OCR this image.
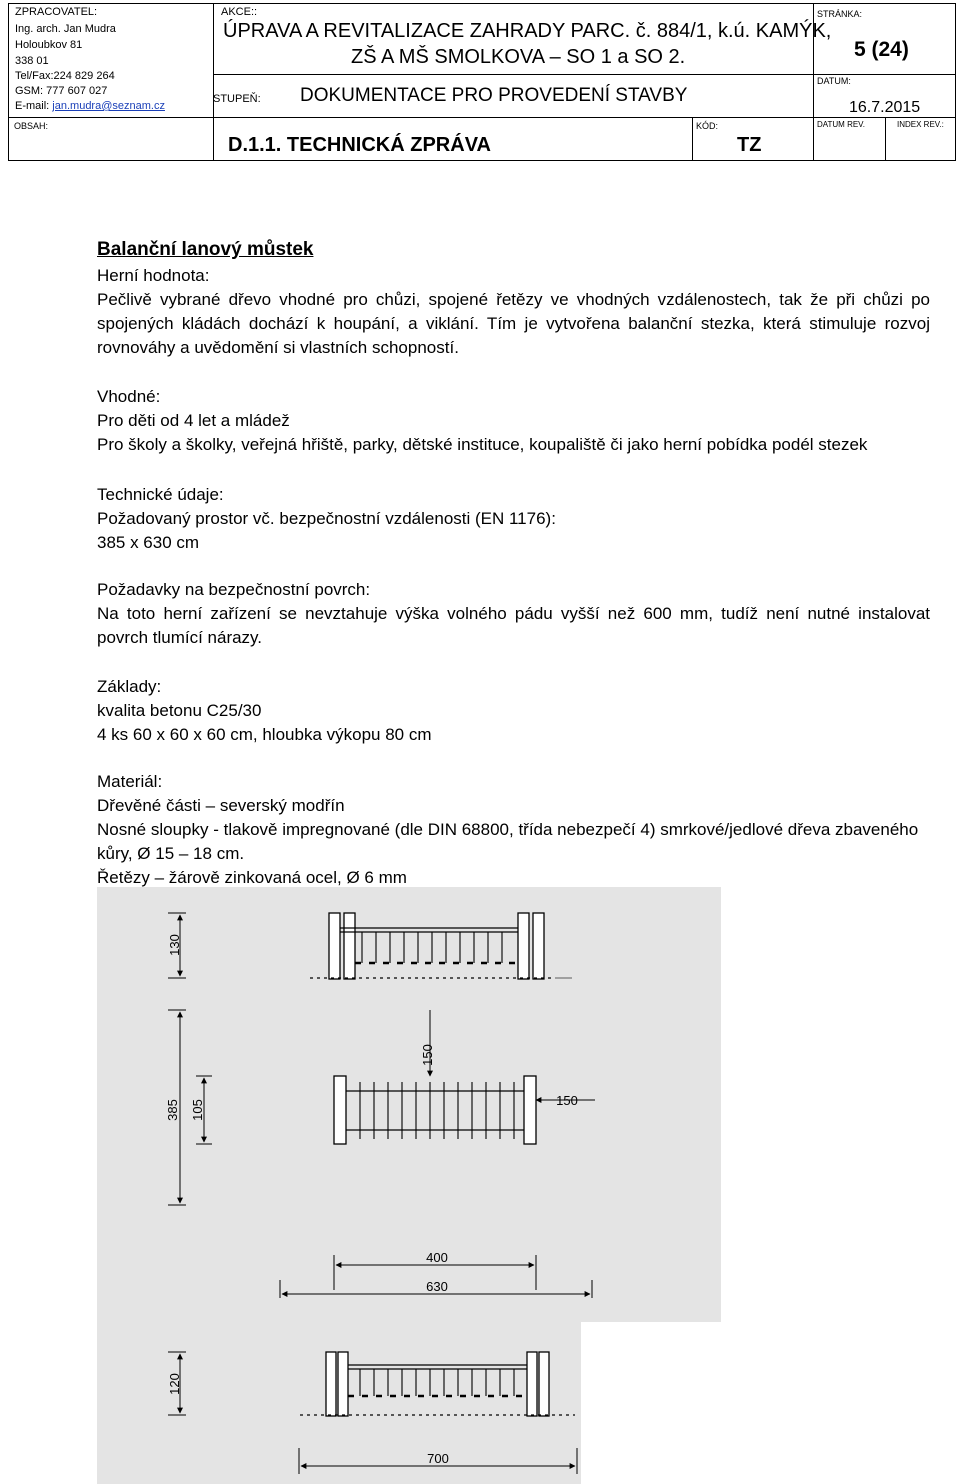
ZPRACOVATEL:
Ing. arch. Jan Mudra
Holoubkov 81
338 01
Tel/Fax:224 829 264
GSM: 777 607 027
E-mail: jan.mudra@seznam.cz
OBSAH:
AKCE::
ÚPRAVA A REVITALIZACE ZAHRADY PARC. č. 884/1, k.ú. KAMÝK,
ZŠ A MŠ SMOLKOVA – SO 1 a SO 2.
STUPEŇ: DOKUMENTACE PRO PROVEDENÍ STAVBY
D.1.1. TECHNICKÁ ZPRÁVA
KÓD:
TZ
STRÁNKA:
5 (24)
DATUM:
16.7.2015
DATUM REV.	INDEX REV.:

Balanční lanový můstek

Herní hodnota:

Pečlivě vybrané dřevo vhodné pro chůzi, spojené řetězy ve vhodných vzdálenostech, tak že při chůzi po

spojených kládách dochází k houpání, a viklání. Tím je vytvořena balanční stezka, která stimuluje rozvoj

rovnováhy a uvědomění si vlastních schopností.

Vhodné:

Pro děti od 4 let a mládež

Pro školy a školky, veřejná hřiště, parky, dětské instituce, koupaliště či jako herní pobídka podél stezek

Technické údaje:

Požadovaný prostor vč. bezpečnostní vzdálenosti (EN 1176):

385 x 630 cm

Požadavky na bezpečnostní povrch:

Na toto herní zařízení se nevztahuje výška volného pádu vyšší než 600 mm, tudíž není nutné instalovat

povrch tlumící nárazy.

Základy:

kvalita betonu C25/30

4 ks 60 x 60 x 60 cm, hloubka výkopu 80 cm

Materiál:

Dřevěné části – severský modřín

Nosné sloupky - tlakově impregnované (dle DIN 68800, třída nebezpečí 4) smrkové/jedlové dřeva zbaveného

kůry, Ø 15 – 18 cm.

Řetězy – žárově zinkovaná ocel, Ø 6 mm

130
150
150
385 105
400
630
120
700
